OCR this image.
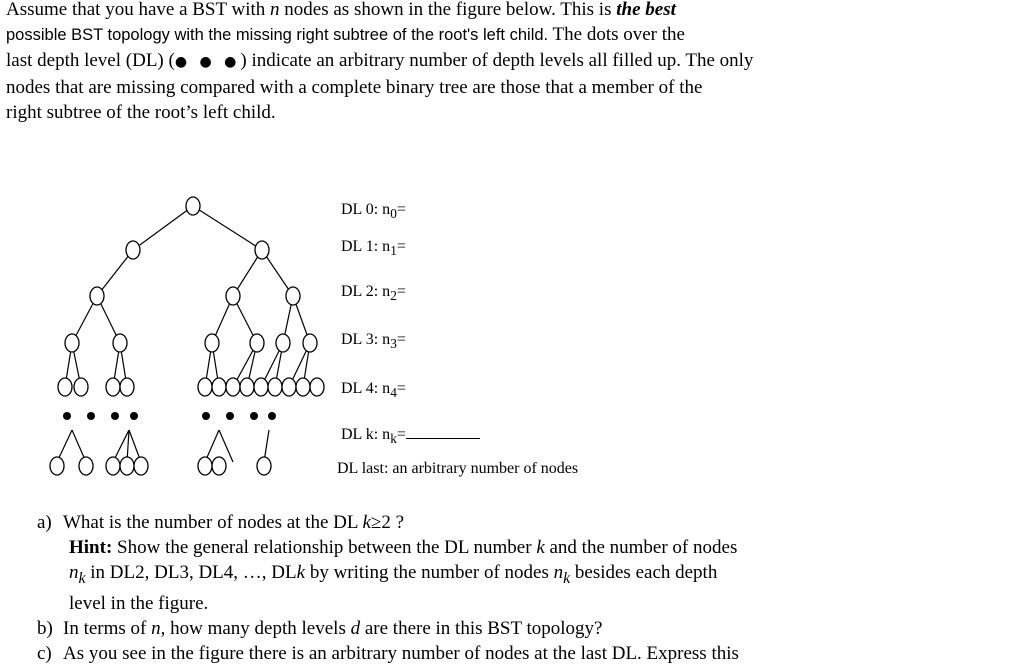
Assume that you have a BST with n nodes as shown in the figure below. This is the best
possible BST topology with the missing right subtree of the root's left child. The dots over the
last depth level (DL) (● ● ●) indicate an arbitrary number of depth levels all filled up. The only
nodes that are missing compared with a complete binary tree are those that a member of the
right subtree of the root’s left child.
DL 0: $n_0=$
DL 1: $n_1=$
DL 2: $n_2=$
DL 3: $n_3=$
DL 4: $n_4=$
DL k: $n_k=$
DL last: an arbitrary number of nodes
a) What is the number of nodes at the DL k≥2 ?
Hint: Show the general relationship between the DL number k and the number of nodes
$n_k$ in DL2, DL3, DL4, …, DLk by writing the number of nodes $n_k$ besides each depth
level in the figure.
b) In terms of n, how many depth levels d are there in this BST topology?
c) As you see in the figure there is an arbitrary number of nodes at the last DL. Express this
